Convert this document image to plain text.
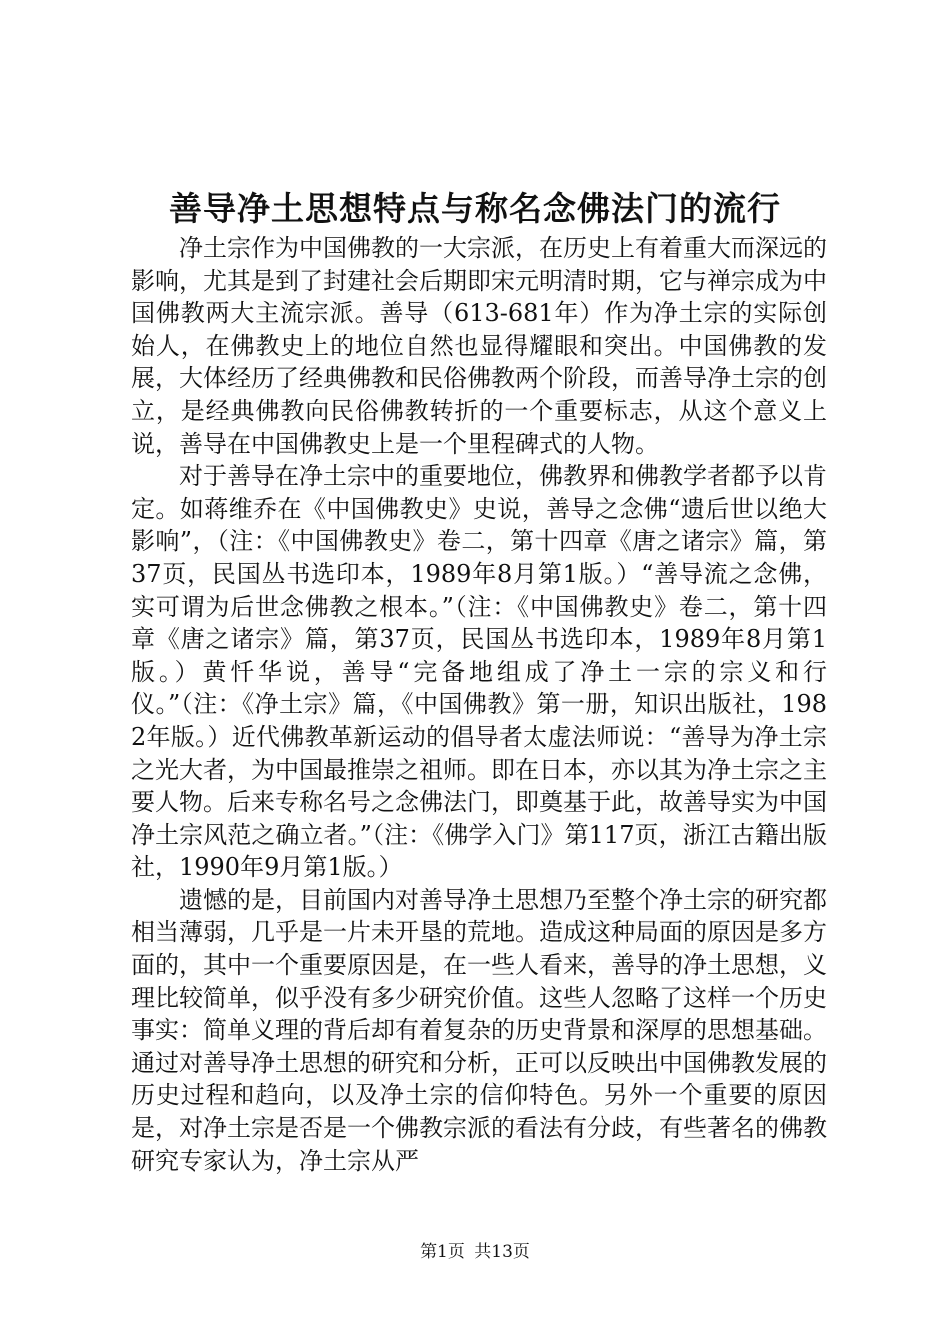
善导净土思想特点与称名念佛法门的流行

净土宗作为中国佛教的一大宗派，在历史上有着重大而深远的影响，尤其是到了封建社会后期即宋元明清时期，它与禅宗成为中国佛教两大主流宗派。善导（613-681年）作为净土宗的实际创始人，在佛教史上的地位自然也显得耀眼和突出。中国佛教的发展，大体经历了经典佛教和民俗佛教两个阶段，而善导净土宗的创立，是经典佛教向民俗佛教转折的一个重要标志，从这个意义上说，善导在中国佛教史上是一个里程碑式的人物。

对于善导在净土宗中的重要地位，佛教界和佛教学者都予以肯定。如蒋维乔在《中国佛教史》史说，善导之念佛“遗后世以绝大影响”，（注：《中国佛教史》卷二，第十四章《唐之诸宗》篇，第37页，民国丛书选印本，1989年8月第1版。）“善导流之念佛，实可谓为后世念佛教之根本。”（注：《中国佛教史》卷二，第十四章《唐之诸宗》篇，第37页，民国丛书选印本，1989年8月第1版。）黄忏华说，善导“完备地组成了净土一宗的宗义和行仪。”（注：《净土宗》篇，《中国佛教》第一册，知识出版社，1982年版。）近代佛教革新运动的倡导者太虚法师说：“善导为净土宗之光大者，为中国最推崇之祖师。即在日本，亦以其为净土宗之主要人物。后来专称名号之念佛法门，即奠基于此，故善导实为中国净土宗风范之确立者。”（注：《佛学入门》第117页，浙江古籍出版社，1990年9月第1版。）

遗憾的是，目前国内对善导净土思想乃至整个净土宗的研究都相当薄弱，几乎是一片未开垦的荒地。造成这种局面的原因是多方面的，其中一个重要原因是，在一些人看来，善导的净土思想，义理比较简单，似乎没有多少研究价值。这些人忽略了这样一个历史事实：简单义理的背后却有着复杂的历史背景和深厚的思想基础。通过对善导净土思想的研究和分析，正可以反映出中国佛教发展的历史过程和趋向，以及净土宗的信仰特色。另外一个重要的原因是，对净土宗是否是一个佛教宗派的看法有分歧，有些著名的佛教研究专家认为，净土宗从严

第1页 共13页
